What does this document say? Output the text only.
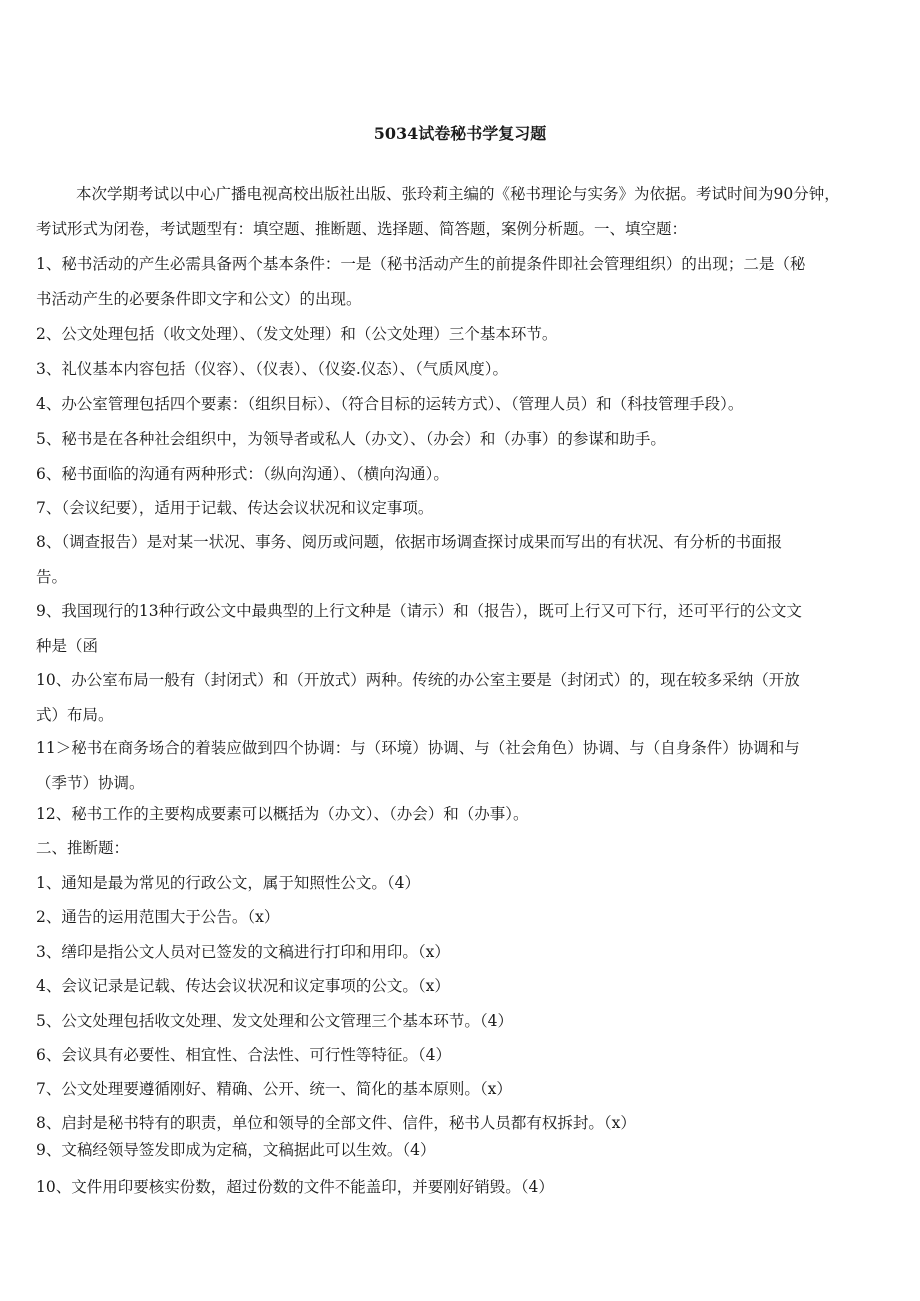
5034试卷秘书学复习题
本次学期考试以中心广播电视高校出版社出版、张玲莉主编的《秘书理论与实务》为依据。考试时间为90分钟，
考试形式为闭卷，考试题型有：填空题、推断题、选择题、简答题，案例分析题。一、填空题：
1、秘书活动的产生必需具备两个基本条件：一是（秘书活动产生的前提条件即社会管理组织）的出现；二是（秘
书活动产生的必要条件即文字和公文）的出现。
2、公文处理包括（收文处理）、（发文处理）和（公文处理）三个基本环节。
3、礼仪基本内容包括（仪容）、（仪表）、（仪姿.仪态）、（气质风度）。
4、办公室管理包括四个要素：（组织目标）、（符合目标的运转方式）、（管理人员）和（科技管理手段）。
5、秘书是在各种社会组织中，为领导者或私人（办文）、（办会）和（办事）的参谋和助手。
6、秘书面临的沟通有两种形式：（纵向沟通）、（横向沟通）。
7、（会议纪要），适用于记载、传达会议状况和议定事项。
8、（调查报告）是对某一状况、事务、阅历或问题，依据市场调查探讨成果而写出的有状况、有分析的书面报
告。
9、我国现行的13种行政公文中最典型的上行文种是（请示）和（报告），既可上行又可下行，还可平行的公文文
种是（函
10、办公室布局一般有（封闭式）和（开放式）两种。传统的办公室主要是（封闭式）的，现在较多采纳（开放
式）布局。
11＞秘书在商务场合的着装应做到四个协调：与（环境）协调、与（社会角色）协调、与（自身条件）协调和与
（季节）协调。
12、秘书工作的主要构成要素可以概括为（办文）、（办会）和（办事）。
二、推断题：
1、通知是最为常见的行政公文，属于知照性公文。（4）
2、通告的运用范围大于公告。（x）
3、缮印是指公文人员对已签发的文稿进行打印和用印。（x）
4、会议记录是记载、传达会议状况和议定事项的公文。（x）
5、公文处理包括收文处理、发文处理和公文管理三个基本环节。（4）
6、会议具有必要性、相宜性、合法性、可行性等特征。（4）
7、公文处理要遵循刚好、精确、公开、统一、简化的基本原则。（x）
8、启封是秘书特有的职责，单位和领导的全部文件、信件，秘书人员都有权拆封。（x）
9、文稿经领导签发即成为定稿，文稿据此可以生效。（4）
10、文件用印要核实份数，超过份数的文件不能盖印，并要刚好销毁。（4）
